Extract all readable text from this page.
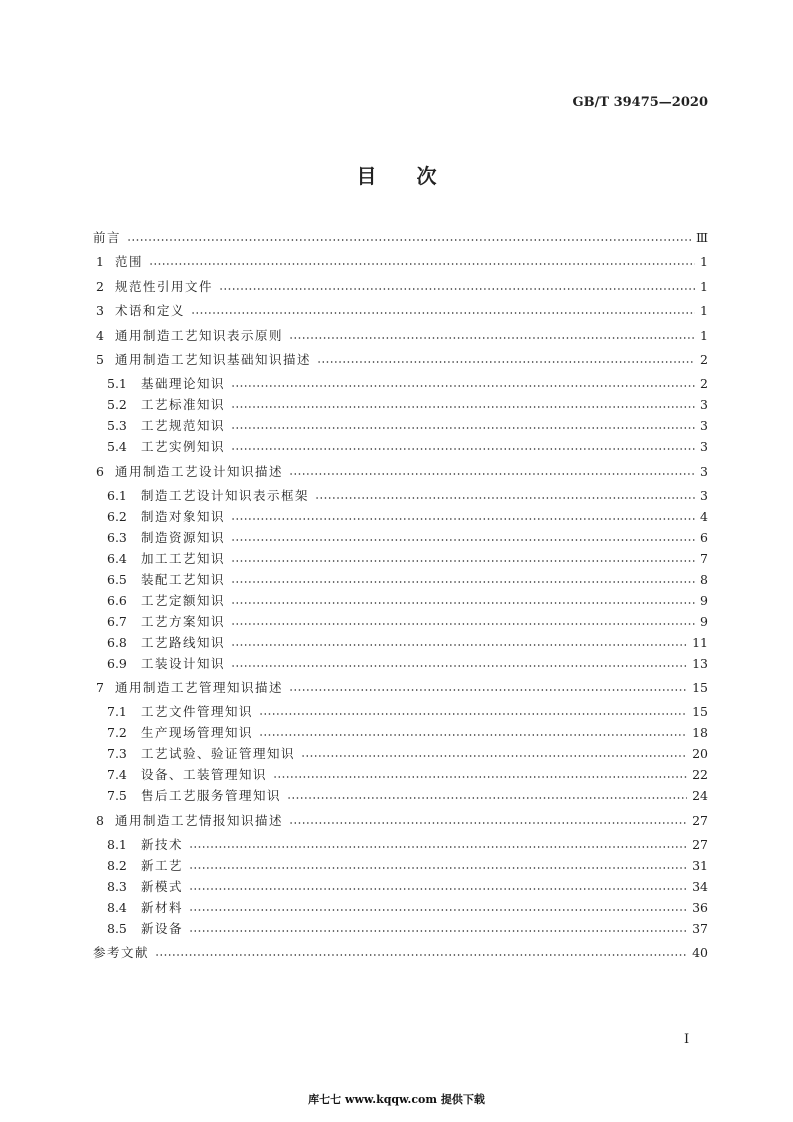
GB/T 39475—2020
目　　次
前言	Ⅲ
1 范围	1
2 规范性引用文件	1
3 术语和定义	1
4 通用制造工艺知识表示原则	1
5 通用制造工艺知识基础知识描述	2
5.1	基础理论知识	2
5.2	工艺标准知识	3
5.3	工艺规范知识	3
5.4	工艺实例知识	3
6 通用制造工艺设计知识描述	3
6.1	制造工艺设计知识表示框架	3
6.2	制造对象知识	4
6.3	制造资源知识	6
6.4	加工工艺知识	7
6.5	装配工艺知识	8
6.6	工艺定额知识	9
6.7	工艺方案知识	9
6.8	工艺路线知识	11
6.9	工装设计知识	13
7 通用制造工艺管理知识描述	15
7.1	工艺文件管理知识	15
7.2	生产现场管理知识	18
7.3	工艺试验、验证管理知识	20
7.4	设备、工装管理知识	22
7.5	售后工艺服务管理知识	24
8 通用制造工艺情报知识描述	27
8.1	新技术	27
8.2	新工艺	31
8.3	新模式	34
8.4	新材料	36
8.5	新设备	37
参考文献	40
I
库七七 www.kqqw.com 提供下载
